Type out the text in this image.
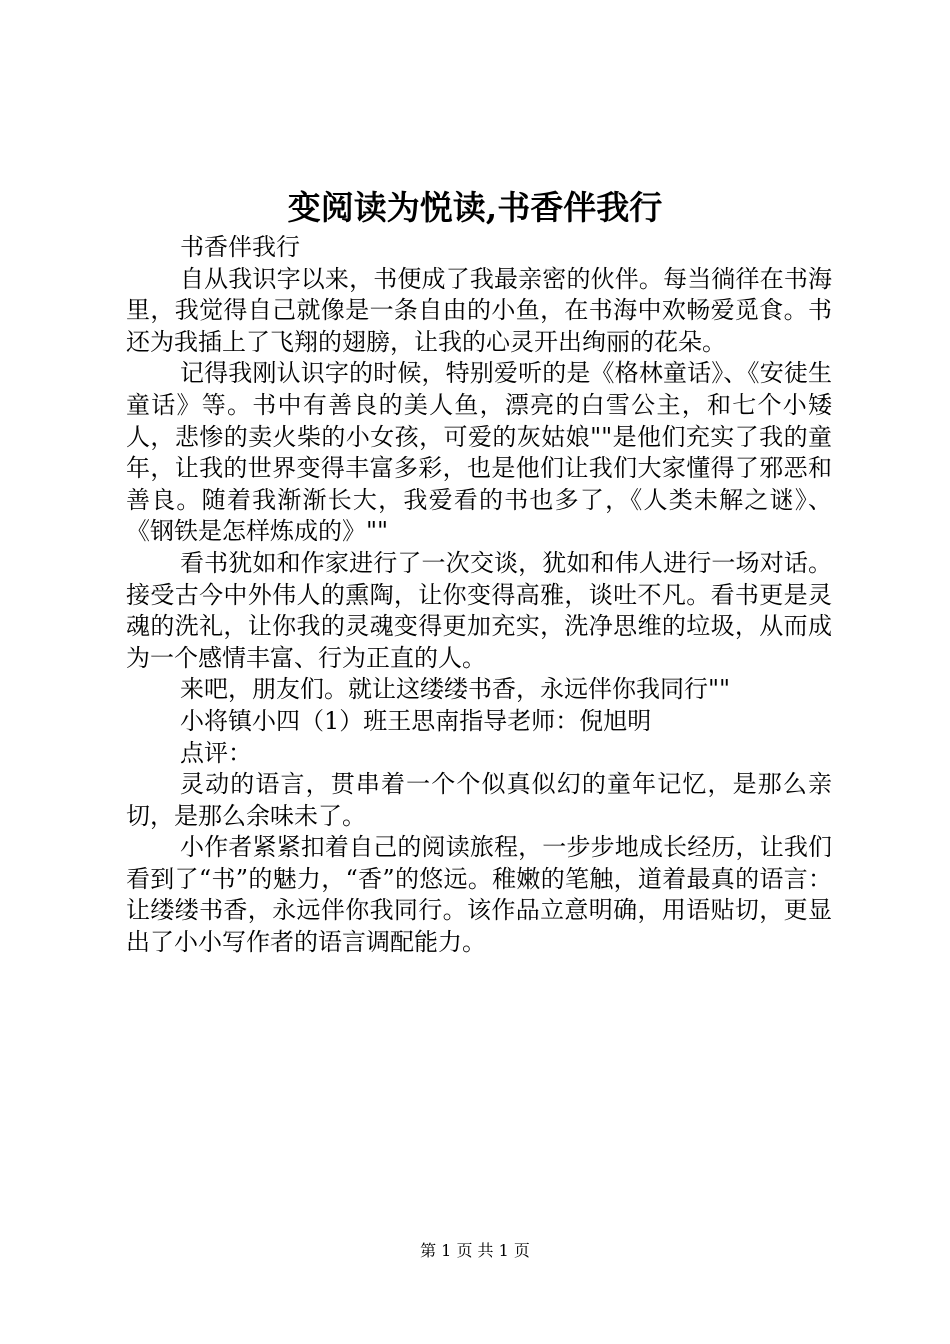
变阅读为悦读,书香伴我行

书香伴我行

自从我识字以来，书便成了我最亲密的伙伴。每当徜徉在书海里，我觉得自己就像是一条自由的小鱼，在书海中欢畅爱觅食。书还为我插上了飞翔的翅膀，让我的心灵开出绚丽的花朵。

记得我刚认识字的时候，特别爱听的是《格林童话》、《安徒生童话》等。书中有善良的美人鱼，漂亮的白雪公主，和七个小矮人，悲惨的卖火柴的小女孩，可爱的灰姑娘""是他们充实了我的童年，让我的世界变得丰富多彩，也是他们让我们大家懂得了邪恶和善良。随着我渐渐长大，我爱看的书也多了，《人类未解之谜》、《钢铁是怎样炼成的》""

看书犹如和作家进行了一次交谈，犹如和伟人进行一场对话。接受古今中外伟人的熏陶，让你变得高雅，谈吐不凡。看书更是灵魂的洗礼，让你我的灵魂变得更加充实，洗净思维的垃圾，从而成为一个感情丰富、行为正直的人。

来吧，朋友们。就让这缕缕书香，永远伴你我同行""

小将镇小四（1）班王思南指导老师：倪旭明

点评：

灵动的语言，贯串着一个个似真似幻的童年记忆，是那么亲切，是那么余味未了。

小作者紧紧扣着自己的阅读旅程，一步步地成长经历，让我们看到了“书”的魅力，“香”的悠远。稚嫩的笔触，道着最真的语言：让缕缕书香，永远伴你我同行。该作品立意明确，用语贴切，更显出了小小写作者的语言调配能力。

第 1 页 共 1 页
